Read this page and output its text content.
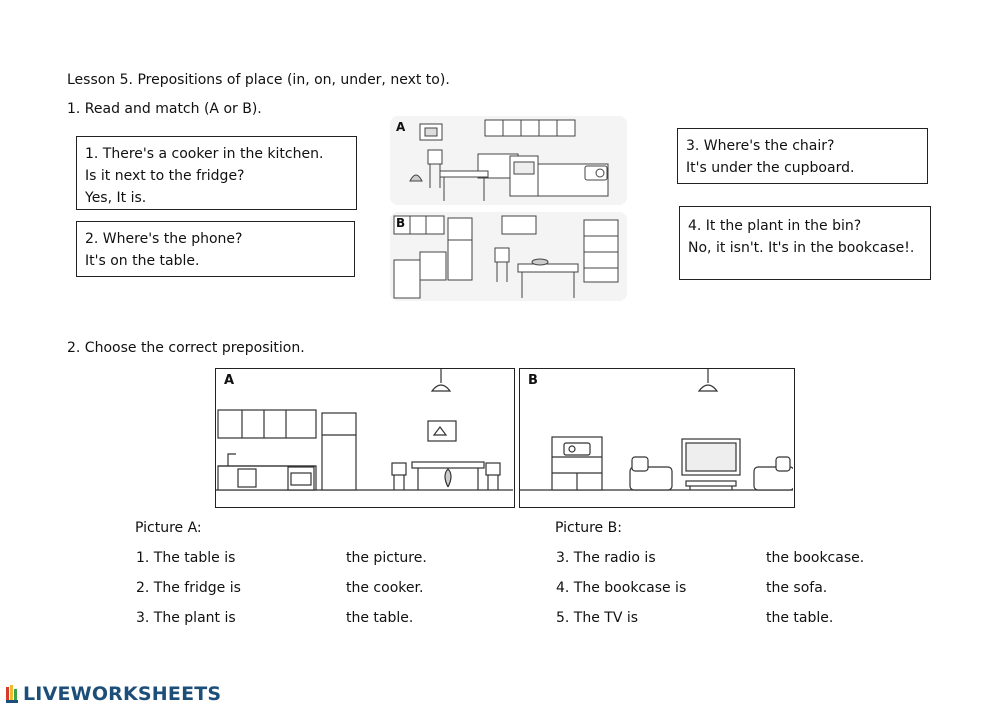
Lesson 5. Prepositions of place (in, on, under, next to).
1. Read and match (A or B).
1. There's a cooker in the kitchen.
Is it next to the fridge?
Yes, It is.
2. Where's the phone?
It's on the table.
3. Where's the chair?
It's under the cupboard.
4. It the plant in the bin?
No, it isn't. It's in the bookcase!.
A
B
2. Choose the correct preposition.
A	B
Picture A:
1. The table is	the picture.
2. The fridge is	the cooker.
3. The plant is	the table.
Picture B:
3. The radio is	the bookcase.
4. The bookcase is	the sofa.
5. The TV is	the table.
LIVEWORKSHEETS
